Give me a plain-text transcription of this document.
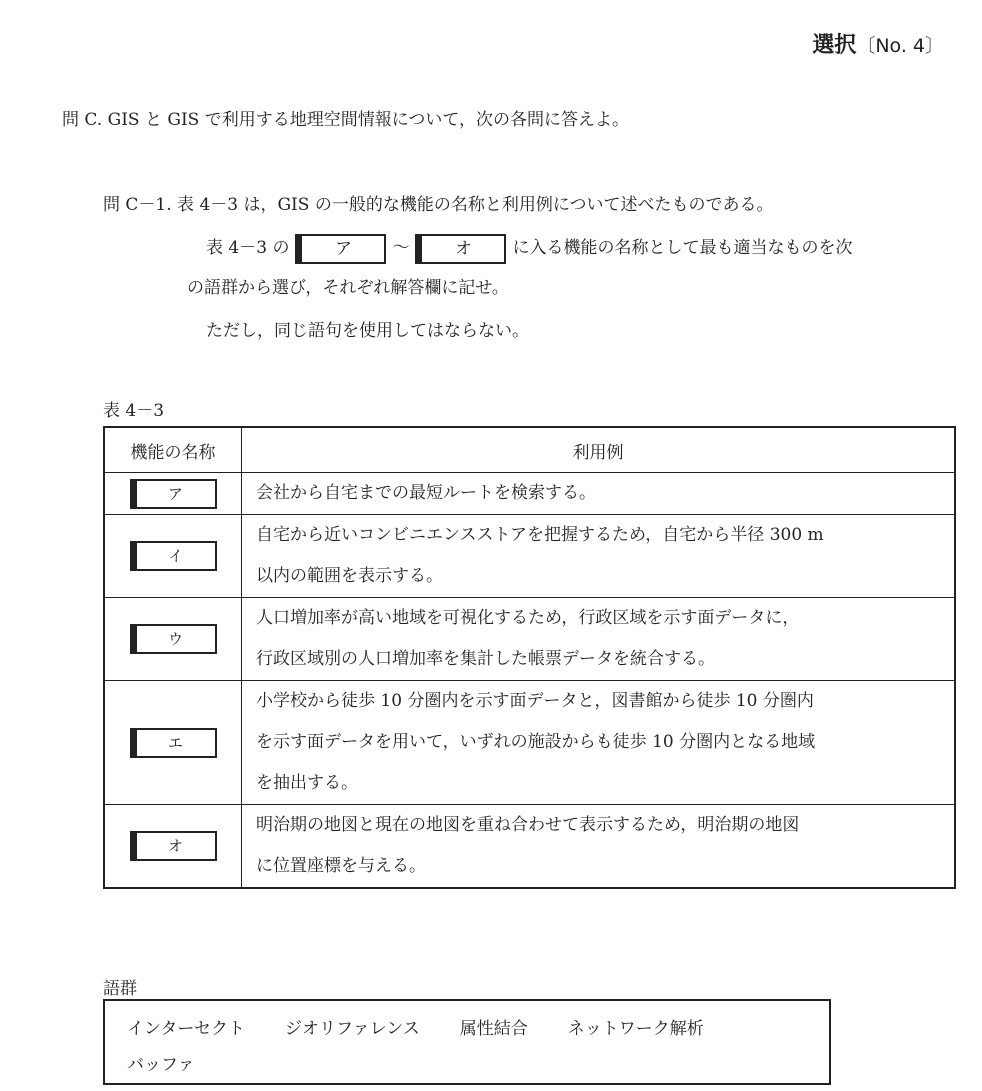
選択〔No. 4〕
問 C. GIS と GIS で利用する地理空間情報について，次の各問に答えよ。
問 C－1. 表 4－3 は，GIS の一般的な機能の名称と利用例について述べたものである。
表 4－3 の	ア ～	オ に入る機能の名称として最も適当なものを次
の語群から選び，それぞれ解答欄に記せ。
ただし，同じ語句を使用してはならない。
表 4－3
機能の名称	利用例
ア	会社から自宅までの最短ルートを検索する。

イ	自宅から近いコンビニエンスストアを把握するため，自宅から半径 300 m
以内の範囲を表示する。

ウ	人口増加率が高い地域を可視化するため，行政区域を示す面データに，
行政区域別の人口増加率を集計した帳票データを統合する。

エ	小学校から徒歩 10 分圏内を示す面データと，図書館から徒歩 10 分圏内
を示す面データを用いて，いずれの施設からも徒歩 10 分圏内となる地域
を抽出する。

オ	明治期の地図と現在の地図を重ね合わせて表示するため，明治期の地図
に位置座標を与える。
語群
インターセクト ジオリファレンス 属性結合 ネットワーク解析
バッファ
